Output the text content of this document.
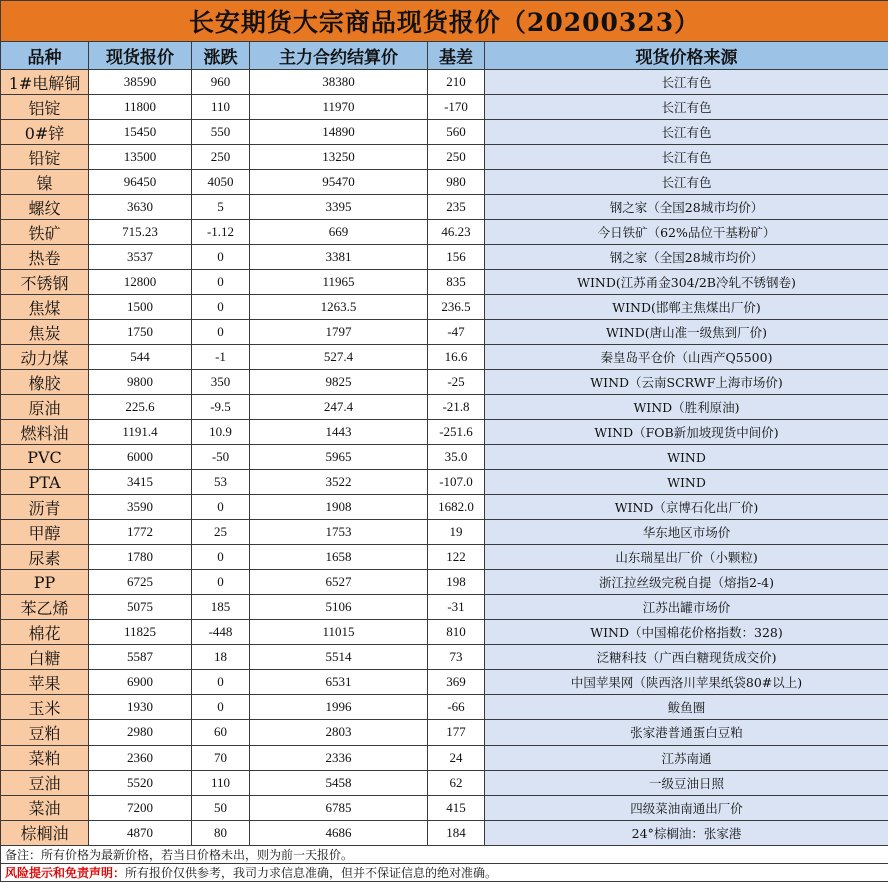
长安期货大宗商品现货报价（20200323）					
品种	现货报价	涨跌	主力合约结算价	基差	现货价格来源
1#电解铜	38590	960	38380	210	长江有色
铝锭	11800	110	11970	-170	长江有色
0#锌	15450	550	14890	560	长江有色
铅锭	13500	250	13250	250	长江有色
镍	96450	4050	95470	980	长江有色
螺纹	3630	5	3395	235	钢之家（全国28城市均价）
铁矿	715.23	-1.12	669	46.23	今日铁矿（62%品位干基粉矿）
热卷	3537	0	3381	156	钢之家（全国28城市均价）
不锈钢	12800	0	11965	835	WIND(江苏甬金304/2B冷轧不锈钢卷)
焦煤	1500	0	1263.5	236.5	WIND(邯郸主焦煤出厂价)
焦炭	1750	0	1797	-47	WIND(唐山准一级焦到厂价)
动力煤	544	-1	527.4	16.6	秦皇岛平仓价（山西产Q5500)
橡胶	9800	350	9825	-25	WIND（云南SCRWF上海市场价)
原油	225.6	-9.5	247.4	-21.8	WIND（胜利原油)
燃料油	1191.4	10.9	1443	-251.6	WIND（FOB新加坡现货中间价)
PVC	6000	-50	5965	35.0	WIND
PTA	3415	53	3522	-107.0	WIND
沥青	3590	0	1908	1682.0	WIND（京博石化出厂价)
甲醇	1772	25	1753	19	华东地区市场价
尿素	1780	0	1658	122	山东瑞星出厂价（小颗粒)
PP	6725	0	6527	198	浙江拉丝级完税自提（熔指2-4)
苯乙烯	5075	185	5106	-31	江苏出罐市场价
棉花	11825	-448	11015	810	WIND（中国棉花价格指数：328)
白糖	5587	18	5514	73	泛糖科技（广西白糖现货成交价)
苹果	6900	0	6531	369	中国苹果网（陕西洛川苹果纸袋80#以上)
玉米	1930	0	1996	-66	鲅鱼圈
豆粕	2980	60	2803	177	张家港普通蛋白豆粕
菜粕	2360	70	2336	24	江苏南通
豆油	5520	110	5458	62	一级豆油日照
菜油	7200	50	6785	415	四级菜油南通出厂价
棕榈油	4870	80	4686	184	24°棕榈油：张家港
备注：所有价格为最新价格，若当日价格未出，则为前一天报价。					
风险提示和免责声明：所有报价仅供参考，我司力求信息准确，但并不保证信息的绝对准确。					
